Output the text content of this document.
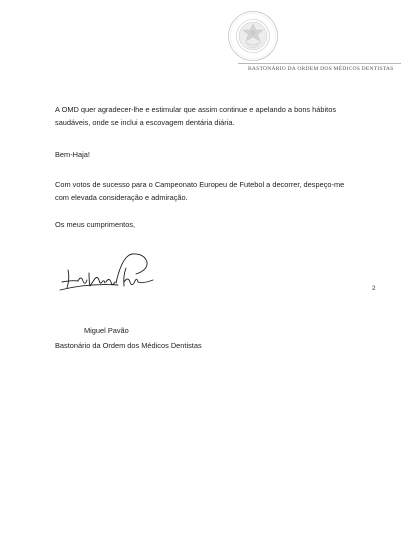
BASTONÁRIO DA ORDEM DOS MÉDICOS DENTISTAS

A OMD quer agradecer-lhe e estimular que assim continue e apelando a bons hábitos saudáveis, onde se inclui a escovagem dentária diária.

Bem-Haja!

Com votos de sucesso para o Campeonato Europeu de Futebol a decorrer, despeço-me com elevada consideração e admiração.

Os meus cumprimentos,

2
Miguel Pavão
Bastonário da Ordem dos Médicos Dentistas
